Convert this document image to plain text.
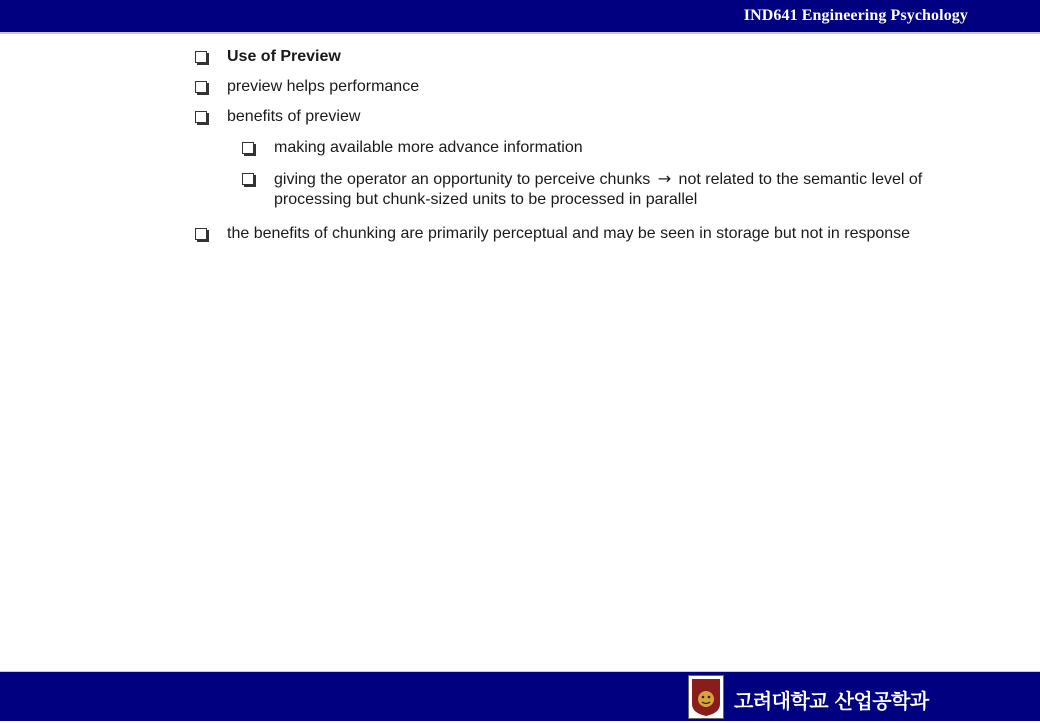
IND641 Engineering Psychology
Use of Preview
preview helps performance
benefits of preview
making available more advance information
giving the operator an opportunity to perceive chunks → not related to the semantic level of processing but chunk-sized units to be processed in parallel
the benefits of chunking are primarily perceptual and may be seen in storage but not in response
고려대학교 산업공학과
